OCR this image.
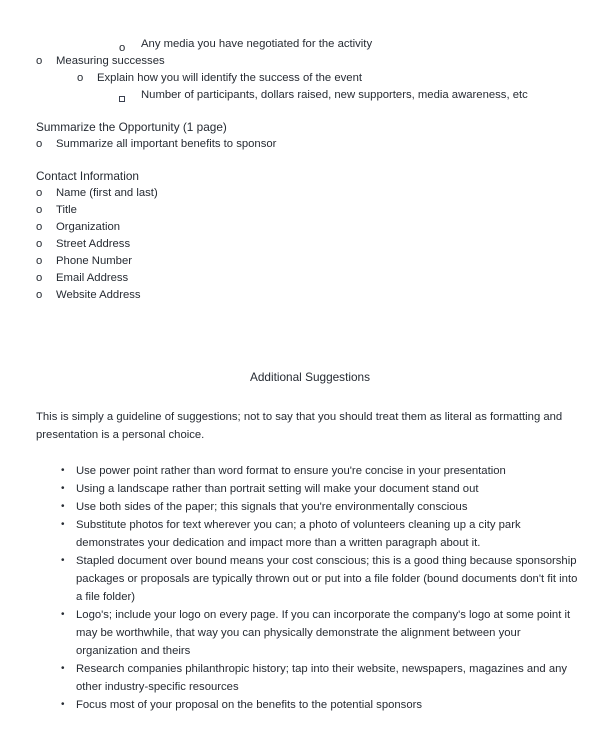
o	Any media you have negotiated for the activity
o	Measuring successes
o	Explain how you will identify the success of the event
Number of participants, dollars raised, new supporters, media awareness, etc
Summarize the Opportunity (1 page)
o	Summarize all important benefits to sponsor
Contact Information
o	Name (first and last)
o	Title
o	Organization
o	Street Address
o	Phone Number
o	Email Address
o	Website Address
Additional Suggestions
This is simply a guideline of suggestions; not to say that you should treat them as literal as formatting and presentation is a personal choice.
•	Use power point rather than word format to ensure you're concise in your presentation
•	Using a landscape rather than portrait setting will make your document stand out
•	Use both sides of the paper; this signals that you're environmentally conscious
•	Substitute photos for text wherever you can; a photo of volunteers cleaning up a city park demonstrates your dedication and impact more than a written paragraph about it.
•	Stapled document over bound means your cost conscious; this is a good thing because sponsorship packages or proposals are typically thrown out or put into a file folder (bound documents don't fit into a file folder)
•	Logo's; include your logo on every page. If you can incorporate the company's logo at some point it may be worthwhile, that way you can physically demonstrate the alignment between your organization and theirs
•	Research companies philanthropic history; tap into their website, newspapers, magazines and any other industry-specific resources
•	Focus most of your proposal on the benefits to the potential sponsors
